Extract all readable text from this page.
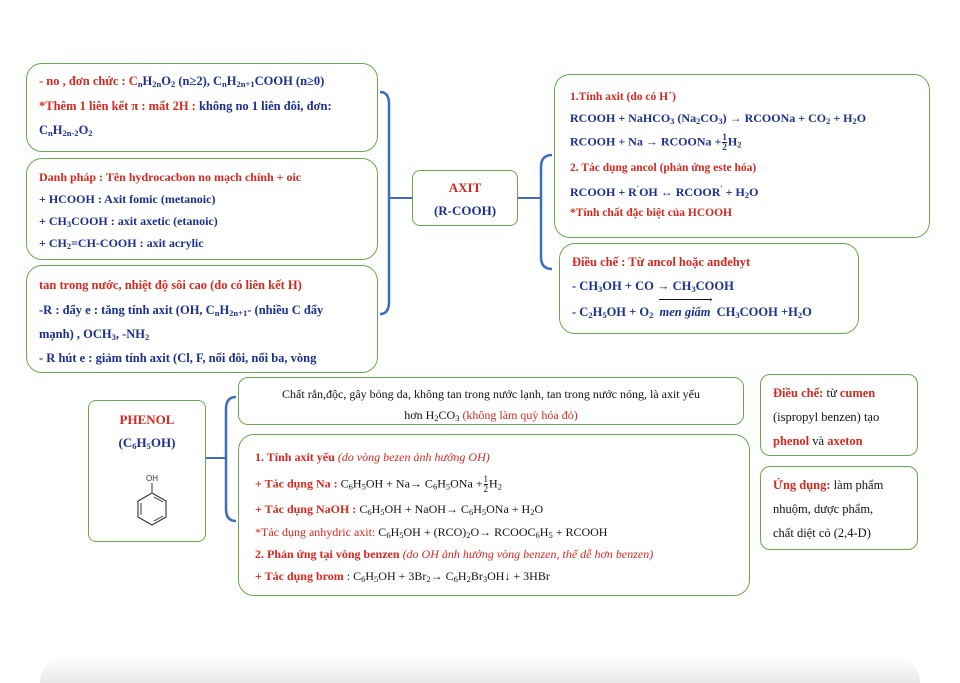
- no , đơn chức : $C_nH_{2n}O_2$ (n≥2), $C_nH_{2n+1}COOH$ (n≥0)
*Thêm 1 liên kết π : mất 2H : không no 1 liên đôi, đơn:
$C_nH_{2n-2}O_2$
Danh pháp : Tên hydrocacbon no mạch chính + oic
+ HCOOH : Axit fomic (metanoic)
+ $CH_3COOH$ : axit axetic (etanoic)
+ $CH_2=CH$-COOH : axit acrylic
tan trong nước, nhiệt độ sôi cao (do có liên kết H)
-R : đẩy e : tăng tính axit (OH, $C_nH_{2n+1}-$ (nhiều C đẩy
mạnh) , $OCH_3$, $-NH_2$
- R hút e : giảm tính axit (Cl, F, nối đôi, nối ba, vòng
AXIT
(R-COOH)
1.Tính axit (do có H+)
RCOOH + NaHCO$_3$ $(Na_2CO_3)$ → RCOONa + $CO_2 + H_2O$
RCOOH + Na → RCOONa + $\frac{1}{2} H_2$
2. Tác dụng ancol (phản ứng este hóa)
RCOOH + R'OH ↔ RCOOR' + $H_2O$
*Tính chất đặc biệt của HCOOH
Điều chế : Từ ancol hoặc anđehyt
- $CH_3OH$ + CO → $CH_3COOH$
- $C_2H_5OH + O_2$
›
men giấm $CH_3COOH +H_2O$
PHENOL
$(C_6H_5OH)$
OH
Chất rắn,độc, gây bỏng da, không tan trong nước lạnh, tan trong nước nóng, là axit yếu
hơn $H_2CO_3$ (không làm quỳ hóa đỏ)
1. Tính axit yếu (do vòng bezen ảnh hưởng OH)
+ Tác dụng Na : $C_6H_5OH + Na\to C_6H_5ONa + \frac{1}{2} H_2$
+ Tác dụng NaOH : $C_6H_5OH$ + NaOH→ $C_6H_5ONa + H_2O$
*Tác dụng anhydric axit: $C_6H_5OH + (RCO)_2O\to$ $RCOOC_6H_5$ + RCOOH
2. Phản ứng tại vòng benzen (do OH ảnh hưởng vòng benzen, thế dễ hơn benzen)
+ Tác dụng brom : $C_6H_5OH + 3Br_2\to$ $C_6H_2Br_3OH↓ + 3HBr$
Điều chế: từ cumen
(ispropyl benzen) tạo
phenol và axeton
Ứng dụng: làm phẩm
nhuộm, dược phẩm,
chất diệt cỏ (2,4-D)
